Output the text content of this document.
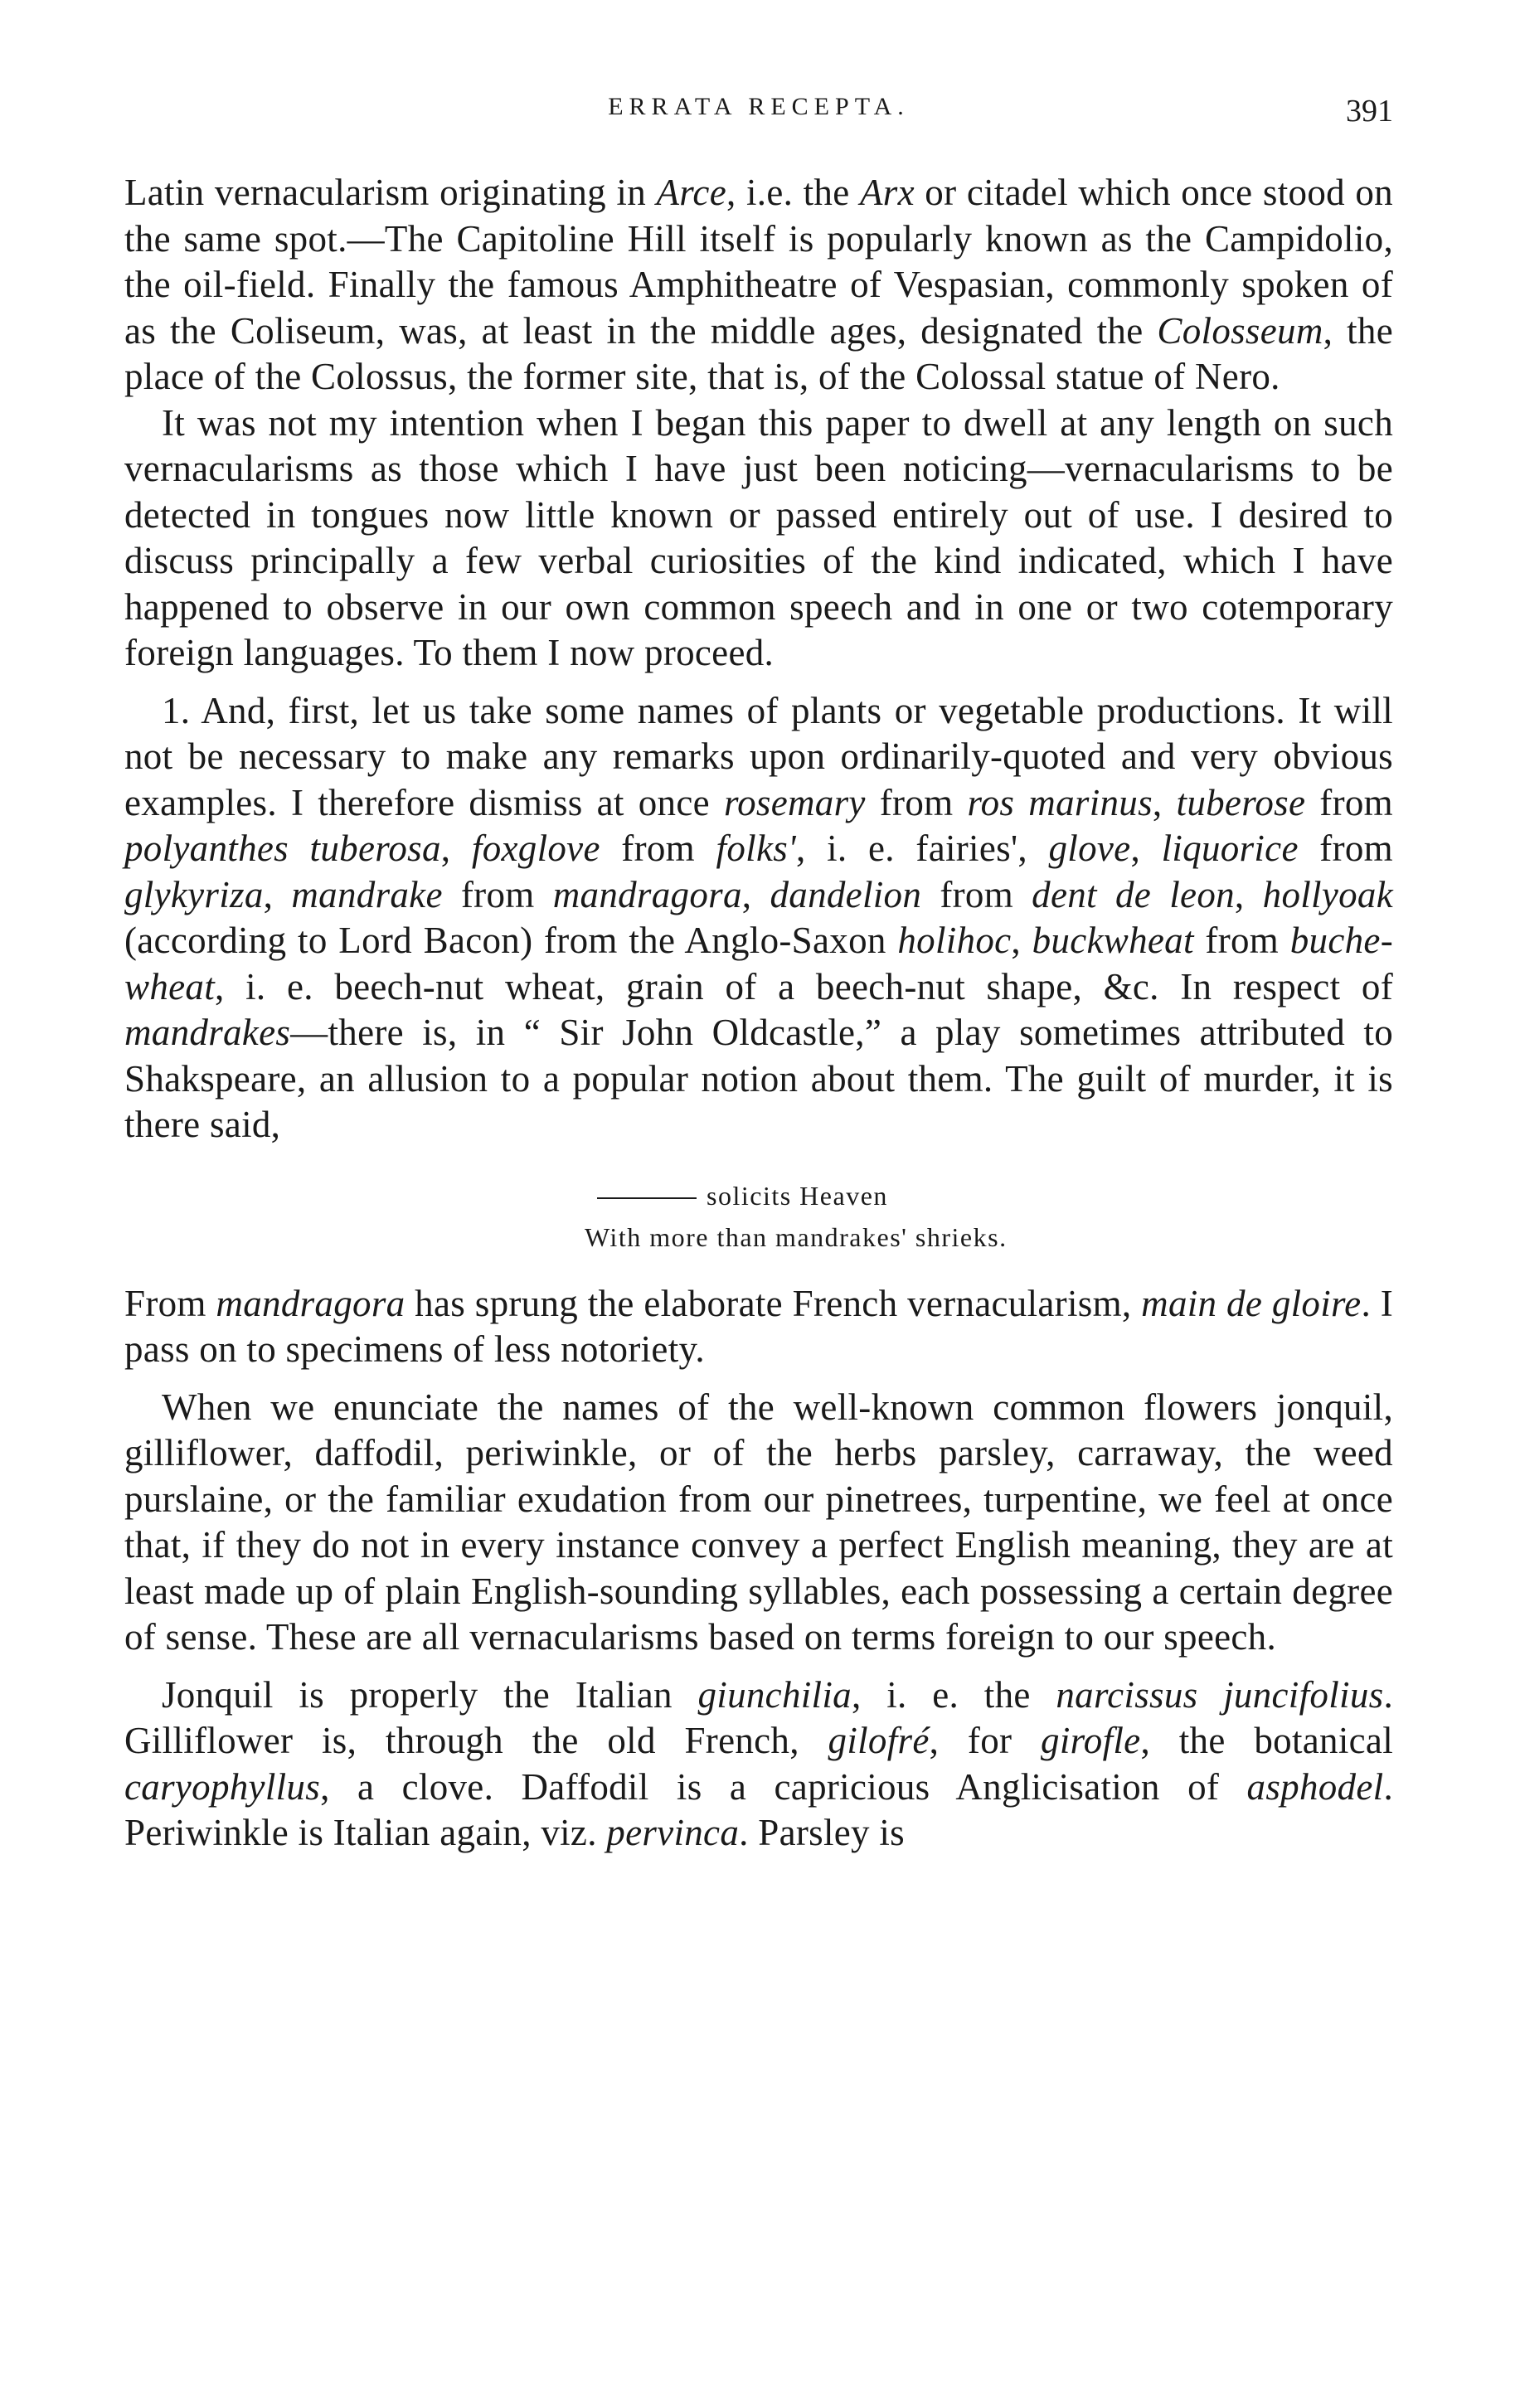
ERRATA RECEPTA.	391

Latin vernacularism originating in Arce, i.e. the Arx or citadel which once stood on the same spot.—The Capitoline Hill itself is popularly known as the Campidolio, the oil-field. Finally the famous Amphitheatre of Vespasian, commonly spoken of as the Coliseum, was, at least in the middle ages, designated the Colosseum, the place of the Colossus, the former site, that is, of the Colossal statue of Nero.

It was not my intention when I began this paper to dwell at any length on such vernacularisms as those which I have just been noticing—vernacularisms to be detected in tongues now little known or passed entirely out of use. I desired to discuss principally a few verbal curiosities of the kind indicated, which I have happened to observe in our own common speech and in one or two cotemporary foreign languages. To them I now proceed.

1. And, first, let us take some names of plants or vegetable productions. It will not be necessary to make any remarks upon ordinarily-quoted and very obvious examples. I therefore dismiss at once rosemary from ros marinus, tuberose from polyanthes tuberosa, foxglove from folks', i. e. fairies', glove, liquorice from glykyriza, mandrake from mandragora, dandelion from dent de leon, hollyoak (according to Lord Bacon) from the Anglo-Saxon holihoc, buckwheat from buche-wheat, i. e. beech-nut wheat, grain of a beech-nut shape, &c. In respect of mandrakes—there is, in “ Sir John Oldcastle,” a play sometimes attributed to Shakspeare, an allusion to a popular notion about them. The guilt of murder, it is there said,

solicits Heaven
With more than mandrakes' shrieks.

From mandragora has sprung the elaborate French vernacularism, main de gloire. I pass on to specimens of less notoriety.

When we enunciate the names of the well-known common flowers jonquil, gilliflower, daffodil, periwinkle, or of the herbs parsley, carraway, the weed purslaine, or the familiar exudation from our pinetrees, turpentine, we feel at once that, if they do not in every instance convey a perfect English meaning, they are at least made up of plain English-sounding syllables, each possessing a certain degree of sense. These are all vernacularisms based on terms foreign to our speech.

Jonquil is properly the Italian giunchilia, i. e. the narcissus juncifolius. Gilliflower is, through the old French, gilofré, for girofle, the botanical caryophyllus, a clove. Daffodil is a capricious Anglicisation of asphodel. Periwinkle is Italian again, viz. pervinca. Parsley is
